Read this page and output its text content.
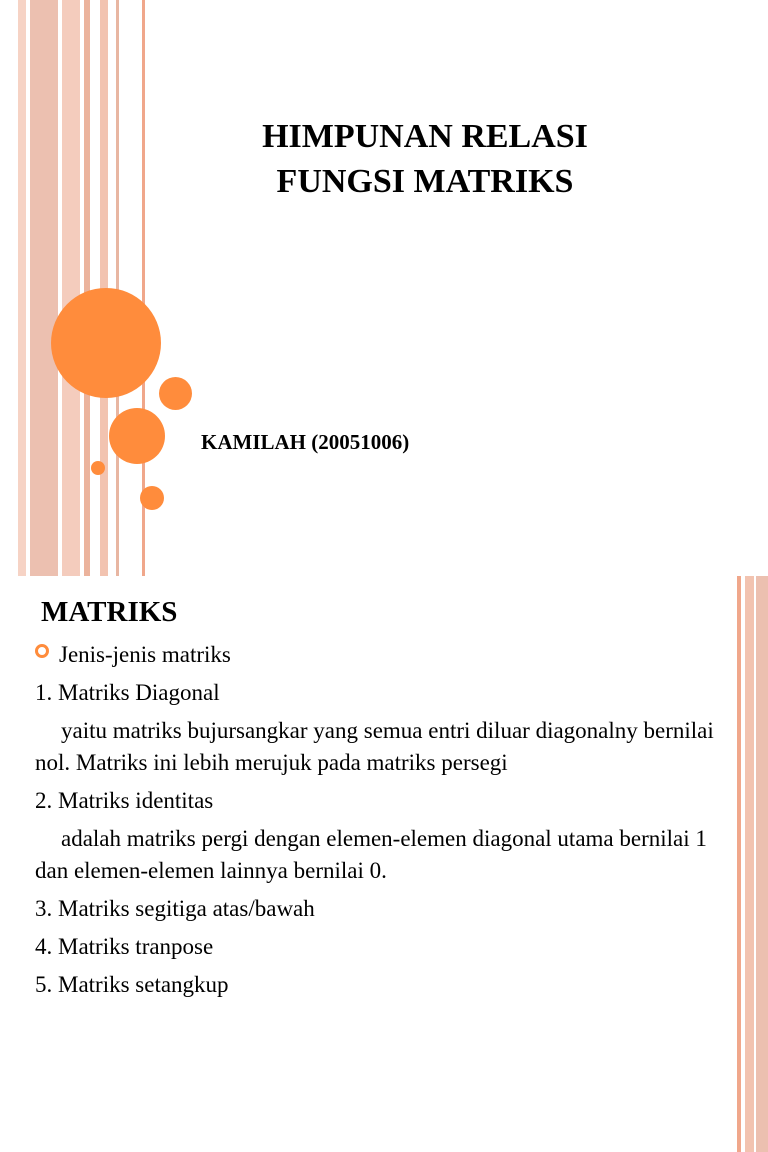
HIMPUNAN RELASI
FUNGSI MATRIKS

KAMILAH (20051006)

MATRIKS

Jenis-jenis matriks

1. Matriks Diagonal

yaitu matriks bujursangkar yang semua entri diluar diagonalny bernilai nol. Matriks ini lebih merujuk pada matriks persegi

2. Matriks identitas

adalah matriks pergi dengan elemen-elemen diagonal utama bernilai 1 dan elemen-elemen lainnya bernilai 0.

3. Matriks segitiga atas/bawah

4. Matriks tranpose

5. Matriks setangkup
